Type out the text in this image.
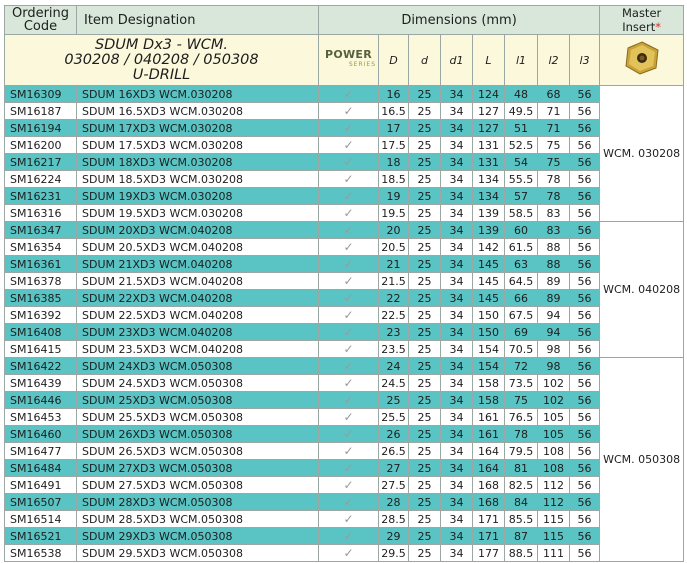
Ordering
Code	Item Designation	Dimensions (mm)								Master
Insert*
SDUM Dx3 - WCM.
030208 / 040208 / 050308
U-DRILL		POWER
SERIES	D	d	d1	L	l1	l2	l3	
SM16309	SDUM 16XD3 WCM.030208	✓	16	25	34	124	48	68	56	WCM. 030208
SM16187	SDUM 16.5XD3 WCM.030208	✓	16.5	25	34	127	49.5	71	56	
SM16194	SDUM 17XD3 WCM.030208	✓	17	25	34	127	51	71	56	
SM16200	SDUM 17.5XD3 WCM.030208	✓	17.5	25	34	131	52.5	75	56	
SM16217	SDUM 18XD3 WCM.030208	✓	18	25	34	131	54	75	56	
SM16224	SDUM 18.5XD3 WCM.030208	✓	18.5	25	34	134	55.5	78	56	
SM16231	SDUM 19XD3 WCM.030208	✓	19	25	34	134	57	78	56	
SM16316	SDUM 19.5XD3 WCM.030208	✓	19.5	25	34	139	58.5	83	56	
SM16347	SDUM 20XD3 WCM.040208	✓	20	25	34	139	60	83	56	WCM. 040208
SM16354	SDUM 20.5XD3 WCM.040208	✓	20.5	25	34	142	61.5	88	56	
SM16361	SDUM 21XD3 WCM.040208	✓	21	25	34	145	63	88	56	
SM16378	SDUM 21.5XD3 WCM.040208	✓	21.5	25	34	145	64.5	89	56	
SM16385	SDUM 22XD3 WCM.040208	✓	22	25	34	145	66	89	56	
SM16392	SDUM 22.5XD3 WCM.040208	✓	22.5	25	34	150	67.5	94	56	
SM16408	SDUM 23XD3 WCM.040208	✓	23	25	34	150	69	94	56	
SM16415	SDUM 23.5XD3 WCM.040208	✓	23.5	25	34	154	70.5	98	56	
SM16422	SDUM 24XD3 WCM.050308	✓	24	25	34	154	72	98	56	WCM. 050308
SM16439	SDUM 24.5XD3 WCM.050308	✓	24.5	25	34	158	73.5	102	56	
SM16446	SDUM 25XD3 WCM.050308	✓	25	25	34	158	75	102	56	
SM16453	SDUM 25.5XD3 WCM.050308	✓	25.5	25	34	161	76.5	105	56	
SM16460	SDUM 26XD3 WCM.050308	✓	26	25	34	161	78	105	56	
SM16477	SDUM 26.5XD3 WCM.050308	✓	26.5	25	34	164	79.5	108	56	
SM16484	SDUM 27XD3 WCM.050308	✓	27	25	34	164	81	108	56	
SM16491	SDUM 27.5XD3 WCM.050308	✓	27.5	25	34	168	82.5	112	56	
SM16507	SDUM 28XD3 WCM.050308	✓	28	25	34	168	84	112	56	
SM16514	SDUM 28.5XD3 WCM.050308	✓	28.5	25	34	171	85.5	115	56	
SM16521	SDUM 29XD3 WCM.050308	✓	29	25	34	171	87	115	56	
SM16538	SDUM 29.5XD3 WCM.050308	✓	29.5	25	34	177	88.5	111	56	
